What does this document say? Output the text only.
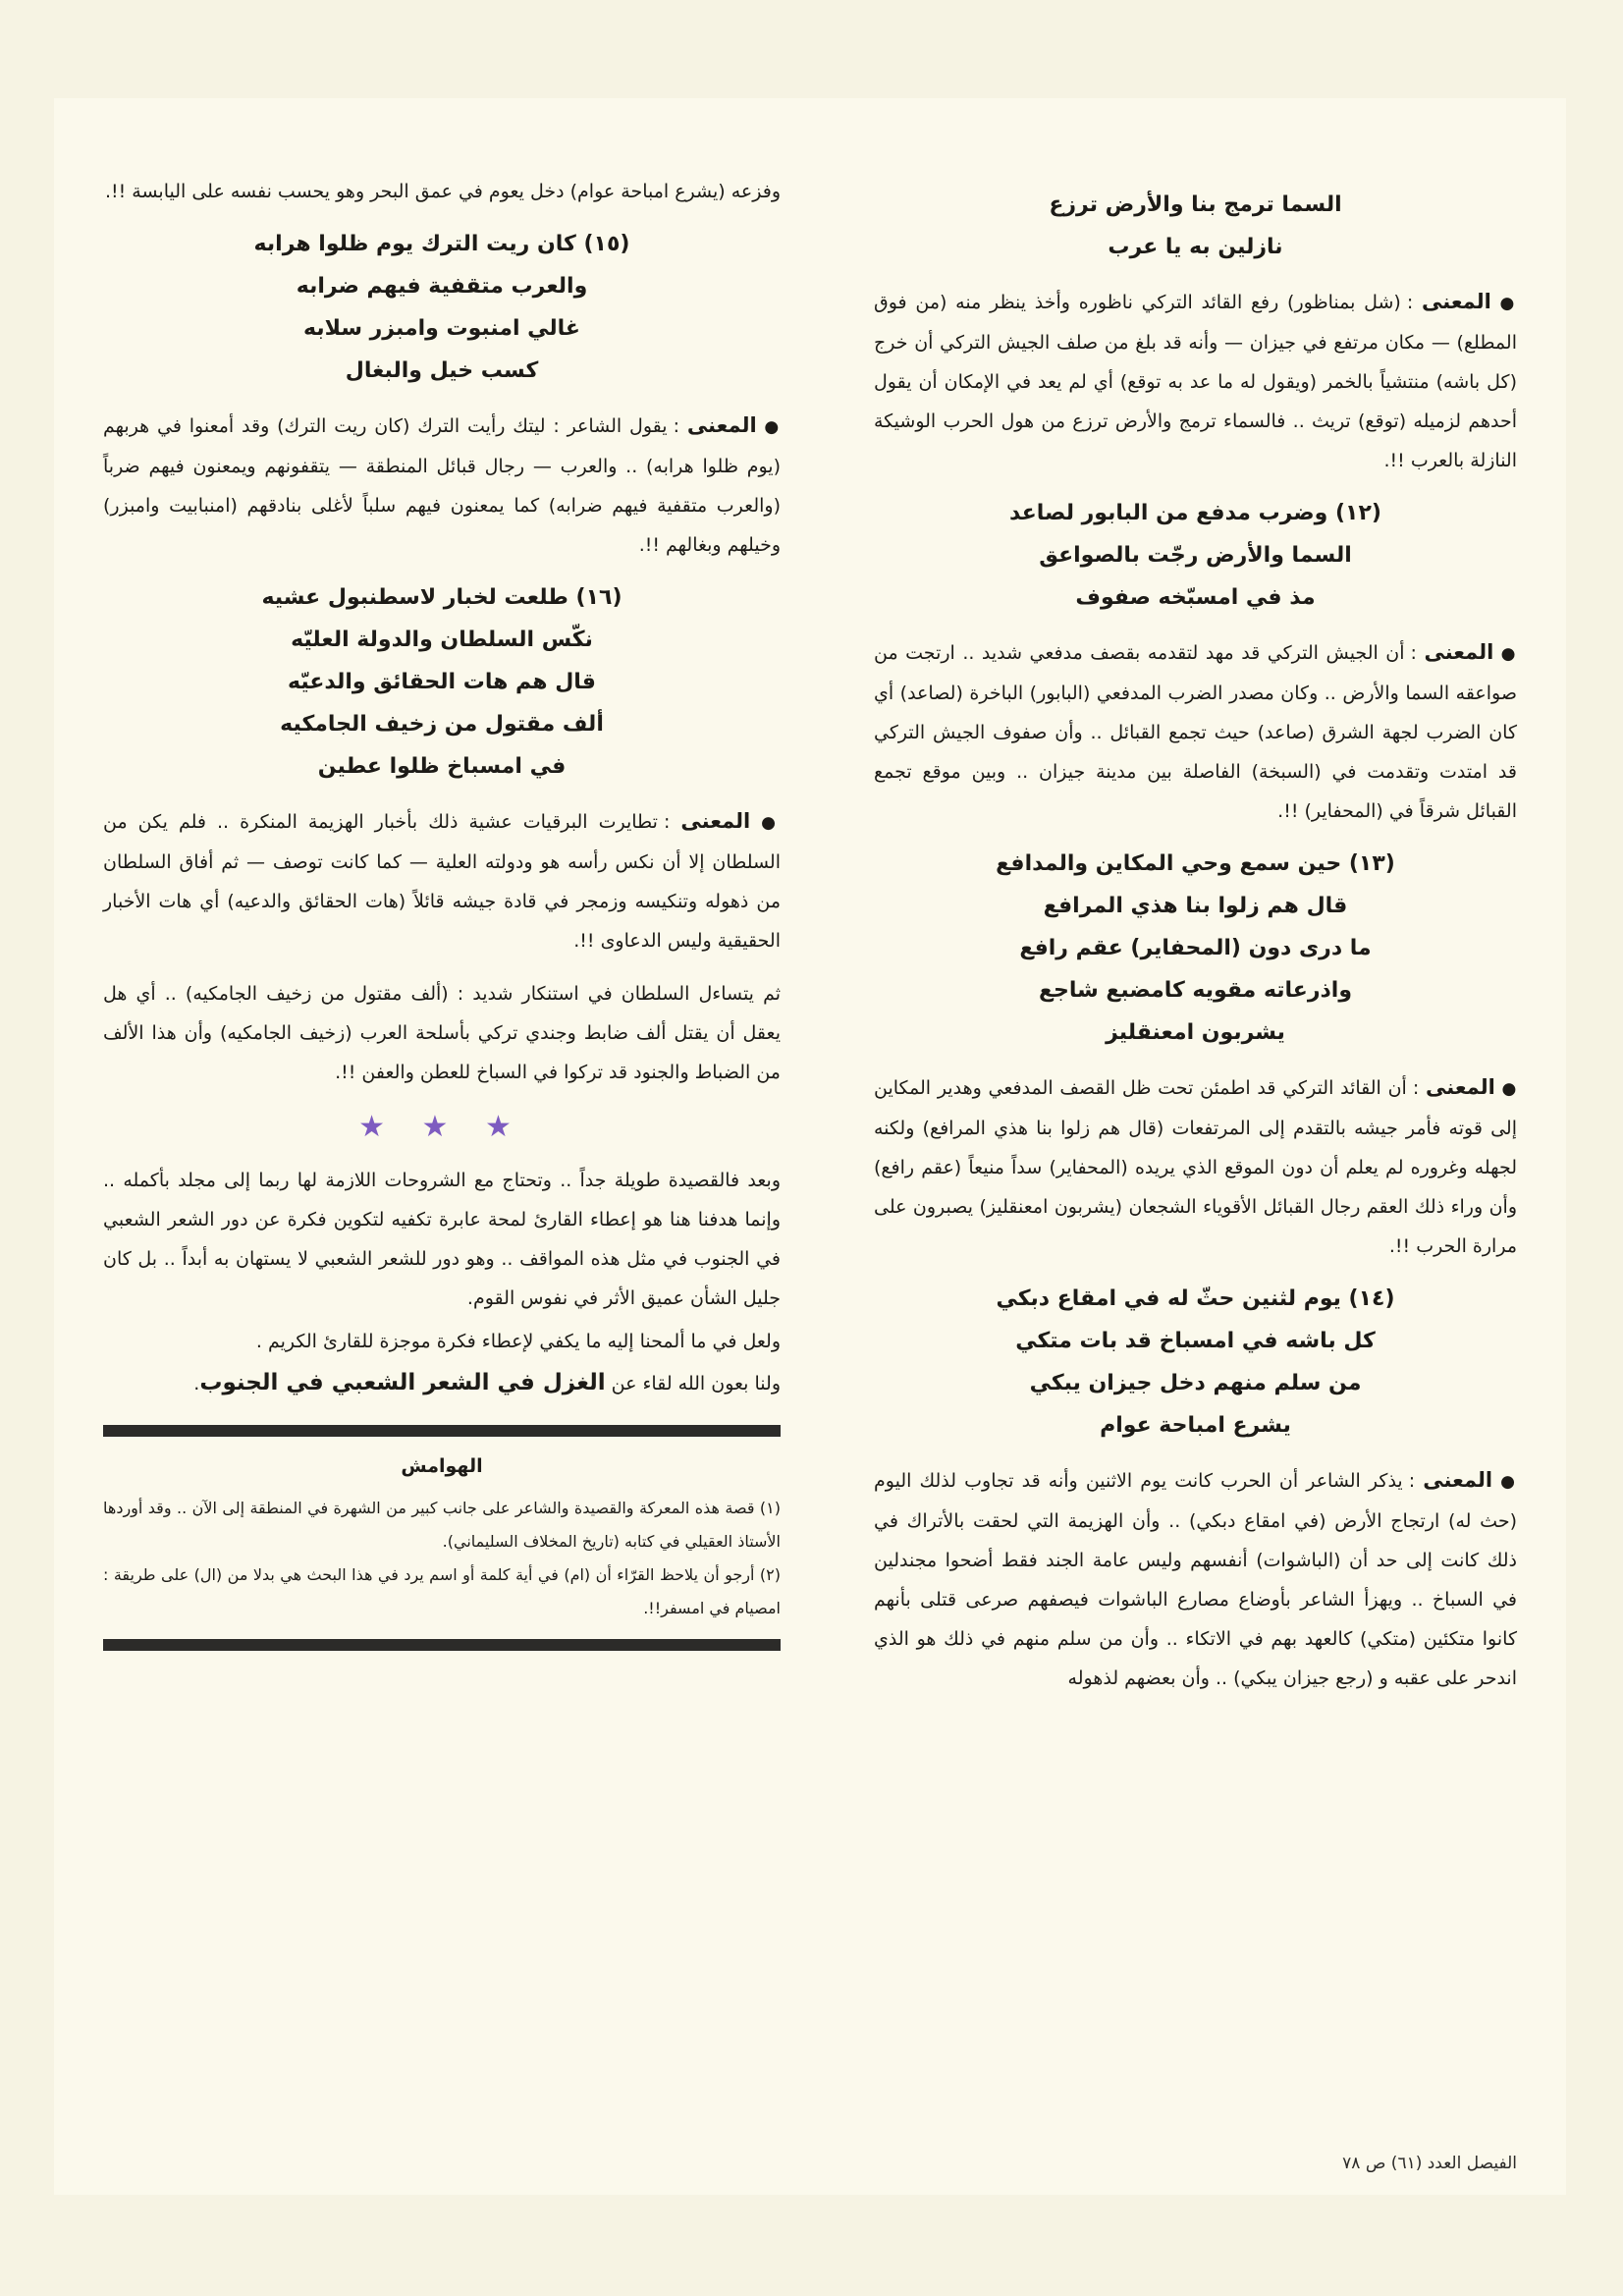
السما ترمج بنا والأرض ترزع

نازلين به يا عرب

● المعنى : (شل بمناظور) رفع القائد التركي ناظوره وأخذ ينظر منه (من فوق المطلع) — مكان مرتفع في جيزان — وأنه قد بلغ من صلف الجيش التركي أن خرج (كل باشه) منتشياً بالخمر (ويقول له ما عد به توقع) أي لم يعد في الإمكان أن يقول أحدهم لزميله (توقع) تريث .. فالسماء ترمج والأرض ترزع من هول الحرب الوشيكة النازلة بالعرب !!.

(١٢) وضرب مدفع من البابور لصاعد

السما والأرض رجّت بالصواعق

مذ في امسبّخه صفوف

● المعنى : أن الجيش التركي قد مهد لتقدمه بقصف مدفعي شديد .. ارتجت من صواعقه السما والأرض .. وكان مصدر الضرب المدفعي (البابور) الباخرة (لصاعد) أي كان الضرب لجهة الشرق (صاعد) حيث تجمع القبائل .. وأن صفوف الجيش التركي قد امتدت وتقدمت في (السبخة) الفاصلة بين مدينة جيزان .. وبين موقع تجمع القبائل شرقاً في (المحفاير) !!.

(١٣) حين سمع وحي المكاين والمدافع

قال هم زلوا بنا هذي المرافع

ما درى دون (المحفاير) عقم رافع

واذرعاته مقويه كامضبع شاجع

يشربون امعنقليز

● المعنى : أن القائد التركي قد اطمئن تحت ظل القصف المدفعي وهدير المكاين إلى قوته فأمر جيشه بالتقدم إلى المرتفعات (قال هم زلوا بنا هذي المرافع) ولكنه لجهله وغروره لم يعلم أن دون الموقع الذي يريده (المحفاير) سداً منيعاً (عقم رافع) وأن وراء ذلك العقم رجال القبائل الأقوياء الشجعان (يشربون امعنقليز) يصبرون على مرارة الحرب !!.

(١٤) يوم لثنين حثّ له في امقاع دبكي

كل باشه في امسباخ قد بات متكي

من سلم منهم دخل جيزان يبكي

يشرع امباحة عوام

● المعنى : يذكر الشاعر أن الحرب كانت يوم الاثنين وأنه قد تجاوب لذلك اليوم (حث له) ارتجاج الأرض (في امقاع دبكي) .. وأن الهزيمة التي لحقت بالأتراك في ذلك كانت إلى حد أن (الباشوات) أنفسهم وليس عامة الجند فقط أضحوا مجندلين في السباخ .. ويهزأ الشاعر بأوضاع مصارع الباشوات فيصفهم صرعى قتلى بأنهم كانوا متكئين (متكي) كالعهد بهم في الاتكاء .. وأن من سلم منهم في ذلك هو الذي اندحر على عقبه و (رجع جيزان يبكي) .. وأن بعضهم لذهوله

وفزعه (يشرع امباحة عوام) دخل يعوم في عمق البحر وهو يحسب نفسه على اليابسة !!.

(١٥) كان ريت الترك يوم ظلوا هرابه

والعرب متقفية فيهم ضرابه

غالي امنبوت وامبزر سلابه

كسب خيل والبغال

● المعنى : يقول الشاعر : ليتك رأيت الترك (كان ريت الترك) وقد أمعنوا في هربهم (يوم ظلوا هرابه) .. والعرب — رجال قبائل المنطقة — يتقفونهم ويمعنون فيهم ضرباً (والعرب متقفية فيهم ضرابه) كما يمعنون فيهم سلباً لأغلى بنادقهم (امنبابيت وامبزر) وخيلهم وبغالهم !!.

(١٦) طلعت لخبار لاسطنبول عشيه

نكّس السلطان والدولة العليّه

قال هم هات الحقائق والدعيّه

ألف مقتول من زخيف الجامكيه

في امسباخ ظلوا عطين

● المعنى : تطايرت البرقيات عشية ذلك بأخبار الهزيمة المنكرة .. فلم يكن من السلطان إلا أن نكس رأسه هو ودولته العلية — كما كانت توصف — ثم أفاق السلطان من ذهوله وتنكيسه وزمجر في قادة جيشه قائلاً (هات الحقائق والدعيه) أي هات الأخبار الحقيقية وليس الدعاوى !!.

ثم يتساءل السلطان في استنكار شديد : (ألف مقتول من زخيف الجامكيه) .. أي هل يعقل أن يقتل ألف ضابط وجندي تركي بأسلحة العرب (زخيف الجامكيه) وأن هذا الألف من الضباط والجنود قد تركوا في السباخ للعطن والعفن !!.

★ ★ ★

وبعد فالقصيدة طويلة جداً .. وتحتاج مع الشروحات اللازمة لها ربما إلى مجلد بأكمله .. وإنما هدفنا هنا هو إعطاء القارئ لمحة عابرة تكفيه لتكوين فكرة عن دور الشعر الشعبي في الجنوب في مثل هذه المواقف .. وهو دور للشعر الشعبي لا يستهان به أبداً .. بل كان جليل الشأن عميق الأثر في نفوس القوم.

ولعل في ما ألمحنا إليه ما يكفي لإعطاء فكرة موجزة للقارئ الكريم .

ولنا بعون الله لقاء عن الغزل في الشعر الشعبي في الجنوب.

الهوامش

(١) قصة هذه المعركة والقصيدة والشاعر على جانب كبير من الشهرة في المنطقة إلى الآن .. وقد أوردها الأستاذ العقيلي في كتابه (تاريخ المخلاف السليماني).

(٢) أرجو أن يلاحظ القرّاء أن (ام) في أية كلمة أو اسم يرد في هذا البحث هي بدلا من (ال) على طريقة : امصيام في امسفر!!.

الفيصل العدد (٦١) ص ٧٨
